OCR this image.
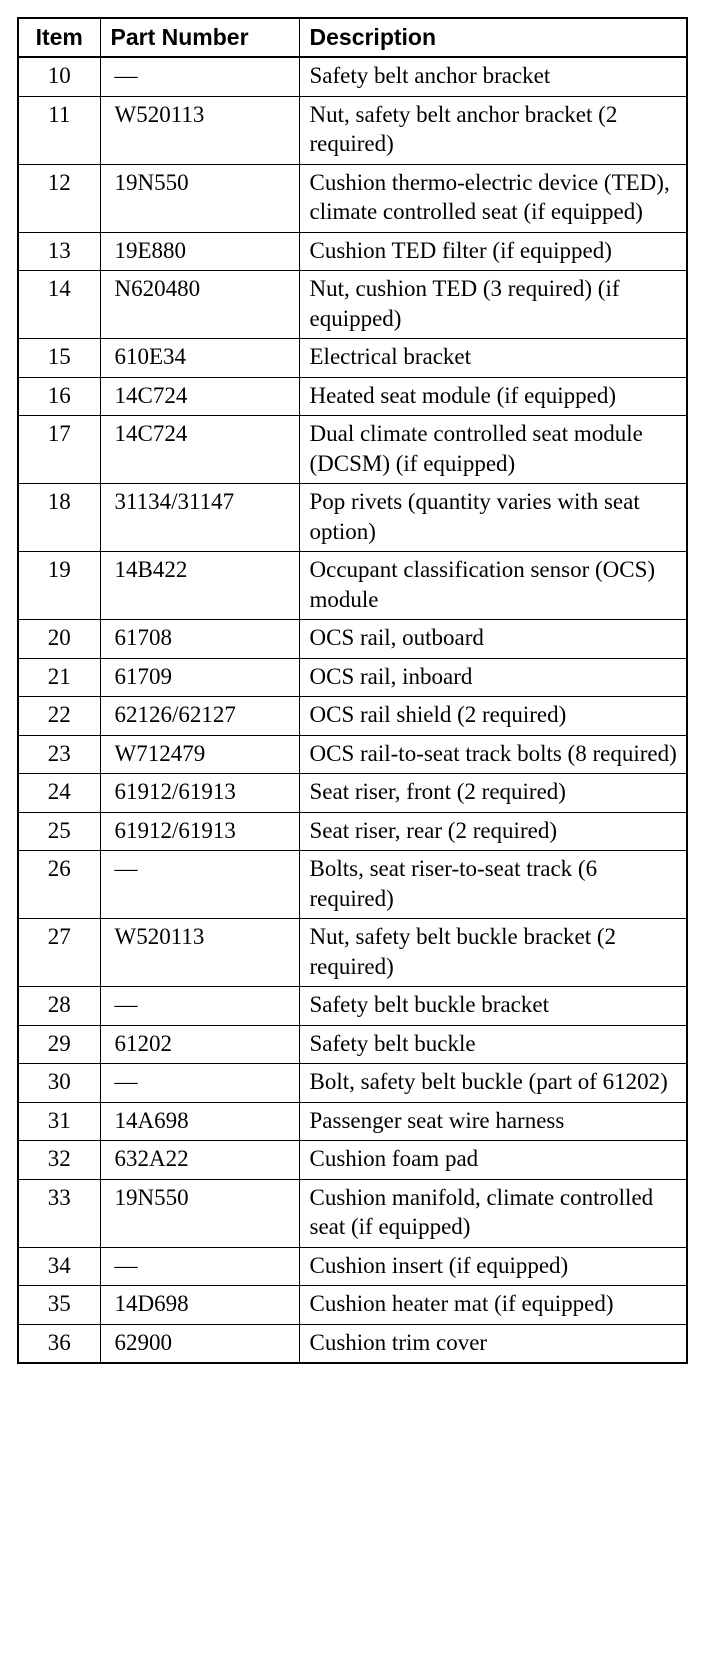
Item	Part Number	Description
10	—	Safety belt anchor bracket
11	W520113	Nut, safety belt anchor bracket (2 required)
12	19N550	Cushion thermo-electric device (TED), climate controlled seat (if equipped)
13	19E880	Cushion TED filter (if equipped)
14	N620480	Nut, cushion TED (3 required) (if equipped)
15	610E34	Electrical bracket
16	14C724	Heated seat module (if equipped)
17	14C724	Dual climate controlled seat module (DCSM) (if equipped)
18	31134/31147	Pop rivets (quantity varies with seat option)
19	14B422	Occupant classification sensor (OCS) module
20	61708	OCS rail, outboard
21	61709	OCS rail, inboard
22	62126/62127	OCS rail shield (2 required)
23	W712479	OCS rail-to-seat track bolts (8 required)
24	61912/61913	Seat riser, front (2 required)
25	61912/61913	Seat riser, rear (2 required)
26	—	Bolts, seat riser-to-seat track (6 required)
27	W520113	Nut, safety belt buckle bracket (2 required)
28	—	Safety belt buckle bracket
29	61202	Safety belt buckle
30	—	Bolt, safety belt buckle (part of 61202)
31	14A698	Passenger seat wire harness
32	632A22	Cushion foam pad
33	19N550	Cushion manifold, climate controlled seat (if equipped)
34	—	Cushion insert (if equipped)
35	14D698	Cushion heater mat (if equipped)
36	62900	Cushion trim cover
